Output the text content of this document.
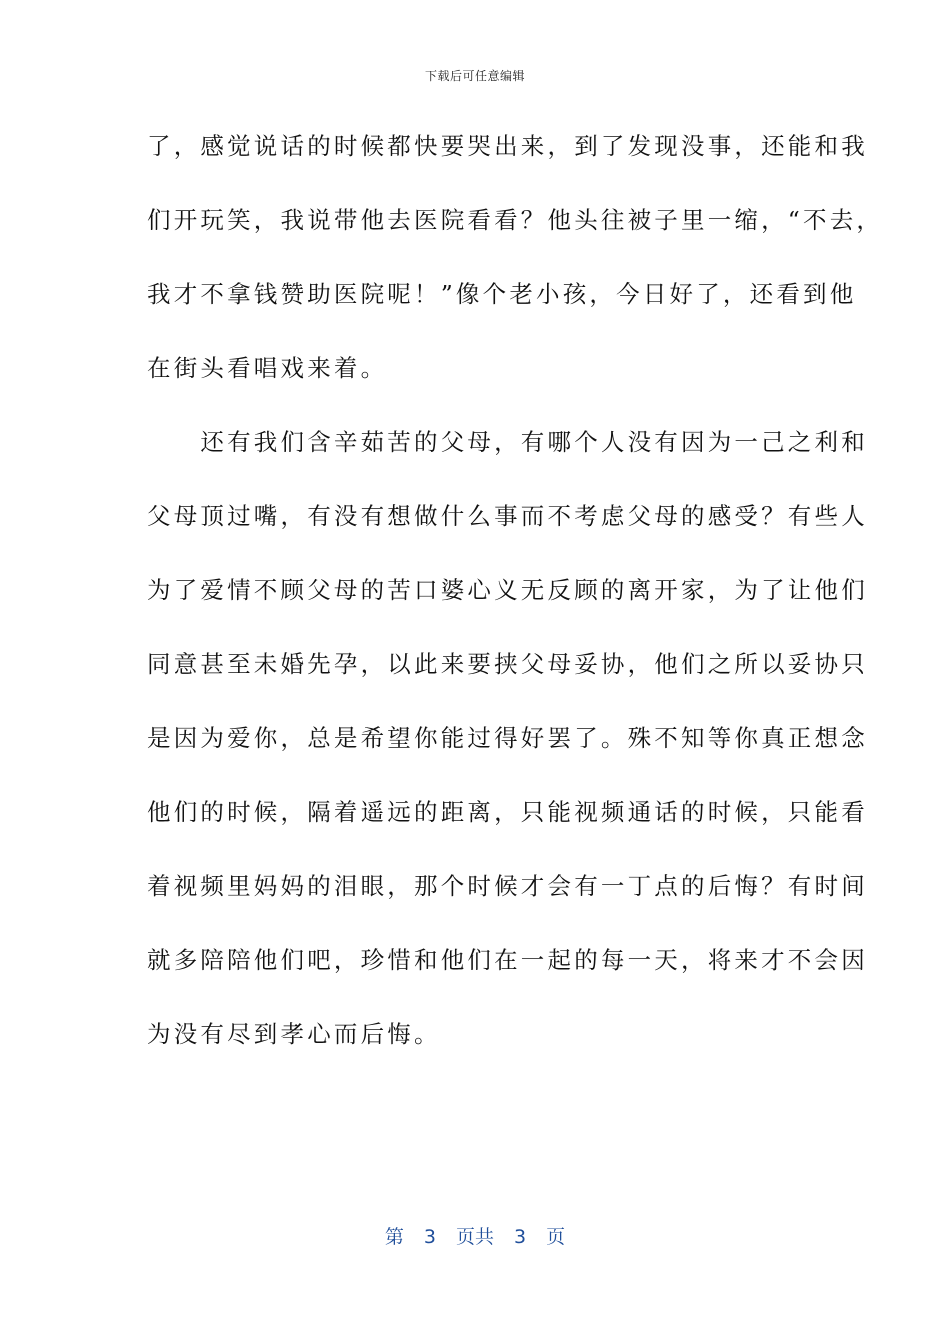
下载后可任意编辑
了，感觉说话的时候都快要哭出来，到了发现没事，还能和我
们开玩笑，我说带他去医院看看？他头往被子里一缩，“不去，
我才不拿钱赞助医院呢！”像个老小孩，今日好了，还看到他
在街头看唱戏来着。
　　还有我们含辛茹苦的父母，有哪个人没有因为一己之利和
父母顶过嘴，有没有想做什么事而不考虑父母的感受？有些人
为了爱情不顾父母的苦口婆心义无反顾的离开家，为了让他们
同意甚至未婚先孕，以此来要挟父母妥协，他们之所以妥协只
是因为爱你，总是希望你能过得好罢了。殊不知等你真正想念
他们的时候，隔着遥远的距离，只能视频通话的时候，只能看
着视频里妈妈的泪眼，那个时候才会有一丁点的后悔？有时间
就多陪陪他们吧，珍惜和他们在一起的每一天，将来才不会因
为没有尽到孝心而后悔。
第 3 页共 3 页
